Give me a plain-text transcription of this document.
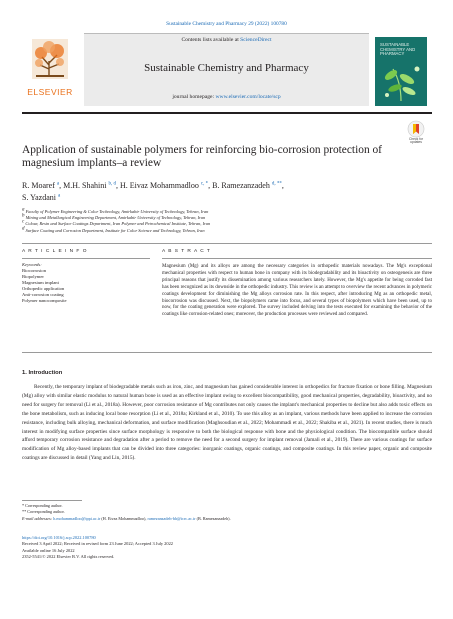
Sustainable Chemistry and Pharmacy 29 (2022) 100780
ELSEVIER
Contents lists available at ScienceDirect
Sustainable Chemistry and Pharmacy
journal homepage: www.elsevier.com/locate/scp
SUSTAINABLE CHEMISTRY AND PHARMACY
Check for
updates
Application of sustainable polymers for reinforcing bio-corrosion protection of magnesium implants–a review
R. Moaref $^a$, M.H. Shahini $^{b, d}$, H. Eivaz Mohammadloo $^{c, *}$, B. Ramezanzadeh $^{d, **}$,
S. Yazdani $^a$
$^a$ Faculty of Polymer Engineering & Color Technology, Amirkabir University of Technology, Tehran, Iran
$^b$ Mining and Metallurgical Engineering Department, Amirkabir University of Technology, Tehran, Iran
$^c$ Colour, Resin and Surface Coatings Department, Iran Polymer and Petrochemical Institute, Tehran, Iran
$^d$ Surface Coating and Corrosion Department, Institute for Color Science and Technology, Tehran, Iran
A R T I C L E I N F O	A B S T R A C T
Keywords:
Biocorrosion
Biopolymer
Magnesium implant
Orthopedic application
Anti-corrosion coating
Polymer nanocomposite
Magnesium (Mg) and its alloys are among the necessary categories in orthopedic materials nowadays. The Mg's exceptional mechanical properties with respect to human bone in company with its biodegradability and its bioactivity on osteogenesis are three principal reasons that justify its dissemination among various researchers lately. However, the Mg's appetite for being corroded fast has been recognized as its downside in the orthopedic industry. This review is an attempt to overview the recent advances in polymeric coatings development for diminishing the Mg alloys corrosion rate. In this respect, after introducing Mg as an orthopedic metal, biocorrosion was discussed. Next, the biopolymers came into focus, and several types of biopolymers which have been used, up to now, for the coating generation were explored. The survey included delving into the tests executed for examining the behavior of the coatings like corrosion-related ones; moreover, the production processes were reviewed and compared.
1. Introduction
Recently, the temporary implant of biodegradable metals such as iron, zinc, and magnesium has gained considerable interest in orthopedics for fracture fixation or bone filling. Magnesium (Mg) alloy with similar elastic modulus to natural human bone is used as an effective implant owing to excellent biocompatibility, good mechanical properties, degradability, bioactivity, and no need for surgery for removal (Li et al., 2018a). However, poor corrosion resistance of Mg contributes not only causes the implant's mechanical properties to decline but also adds toxic effects on the bone metabolism, such as inducing local bone resorption (Li et al., 2018a; Kirkland et al., 2010). To use this alloy as an implant, various methods have been applied to increase the corrosion resistance, including bulk alloying, mechanical deformation, and surface modification (Maghsoudian et al., 2022; Mohammadi et al., 2022; Shakiba et al., 2021). In recent studies, there is much interest in modifying surface properties since surface morphology is responsive to both the biological response with bone and the physiological condition. The biocompatible surface should afford temporary corrosion resistance and degradation after a period to remove the need for a second surgery for implant removal (Jamali et al., 2019). There are various coatings for surface modification of Mg alloy-based implants that can be divided into three categories: inorganic coatings, organic coatings, and composite coatings. In this review paper, organic and composite coatings are discussed in detail (Yang and Lin, 2015).
* Corresponding author.
** Corresponding author.
E-mail addresses: h.mohammadloo@ippi.ac.ir (H. Eivaz Mohammadloo), ramezanzadeh-bh@icrc.ac.ir (B. Ramezanzadeh).
https://doi.org/10.1016/j.scp.2022.100780
Received 3 April 2022; Received in revised form 23 June 2022; Accepted 3 July 2022
Available online 16 July 2022
2352-5541/© 2022 Elsevier B.V. All rights reserved.
